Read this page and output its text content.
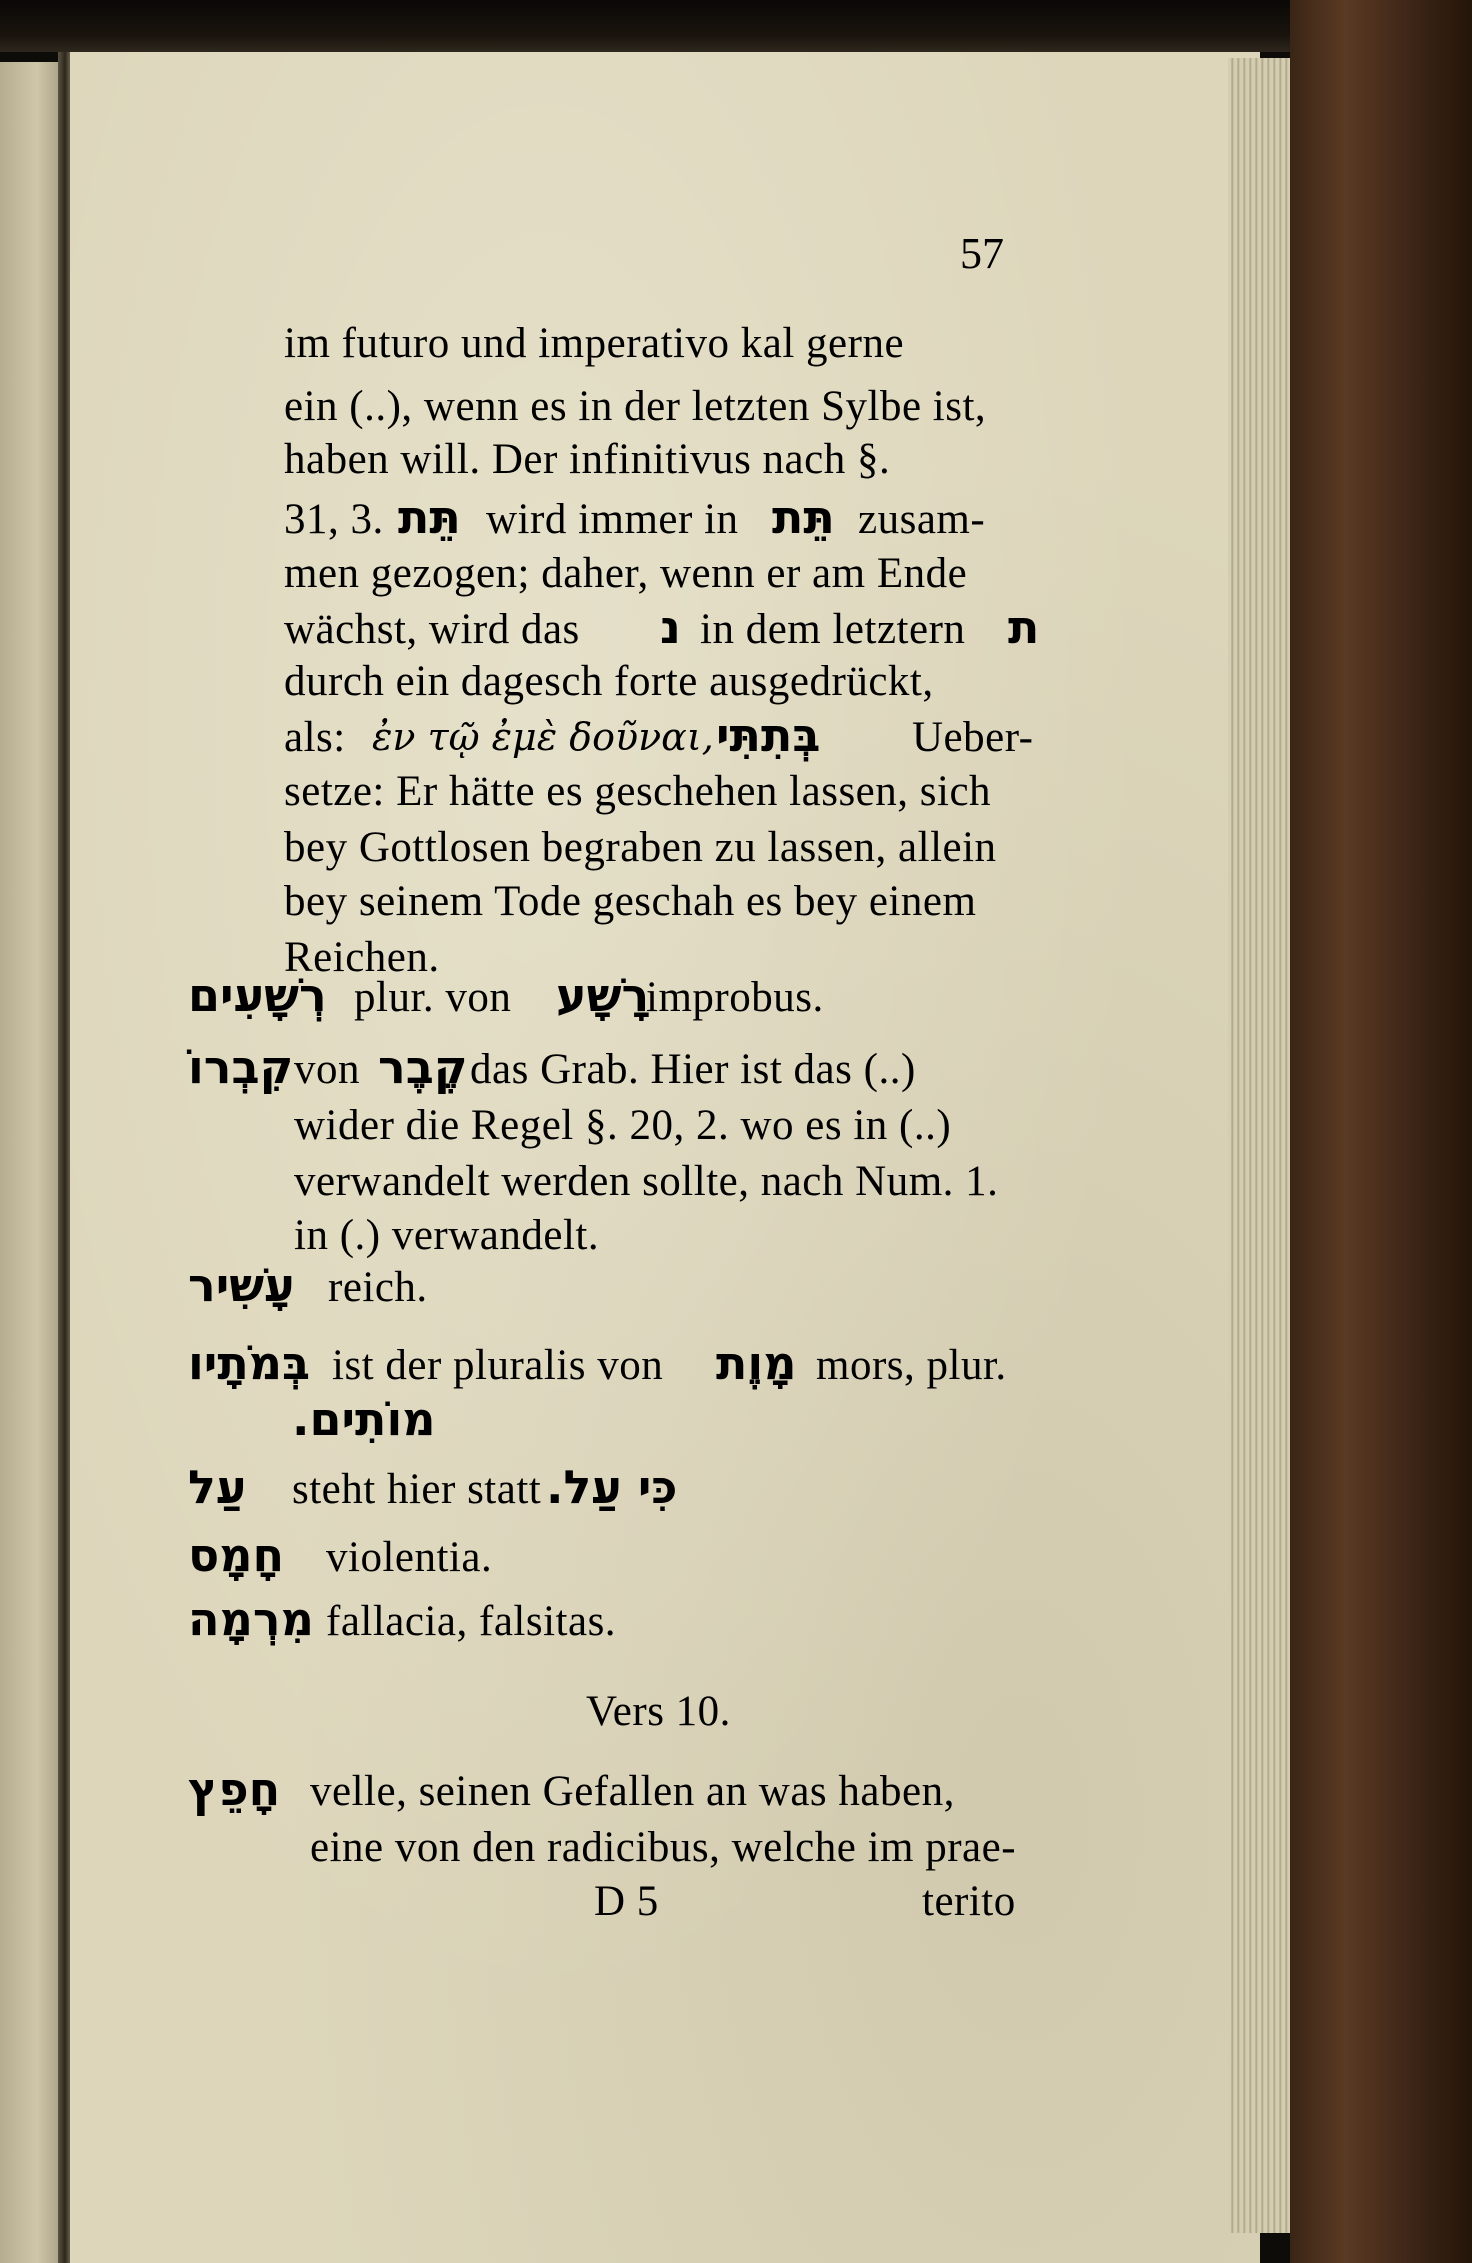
57
im futuro und imperativo kal gerne
ein (..), wenn es in der letzten Sylbe ist,
haben will. Der infinitivus nach §.
31, 3. תֵּת wird immer in תֵּת zusam-
men gezogen; daher, wenn er am Ende
wächst, wird das נ in dem letztern ת
durch ein dagesch forte ausgedrückt,
als: ἐν τῷ ἐμὲ δοῦναι, בְּתִתִּי Ueber-
setze: Er hätte es geschehen lassen, sich
bey Gottlosen begraben zu lassen, allein
bey seinem Tode geschah es bey einem
Reichen.
רְשָׁעִים plur. von רָשָׁע
improbus.
קִבְרוֹ von קֶבֶר das Grab. Hier ist das (..)
wider die Regel §. 20, 2. wo es in (..)
verwandelt werden sollte, nach Num. 1.
in (.) verwandelt.
עָשִׁיר reich.
בְּמֹתָיו ist der pluralis von מָוֶת mors, plur.
מוֹתִים.
עַל steht hier statt כִּי עַל.
חָמָס violentia.
מִרְמָה fallacia, falsitas.
Vers 10.
חָפֵץ velle, seinen Gefallen an was haben,
eine von den radicibus, welche im prae-
D 5	terito
